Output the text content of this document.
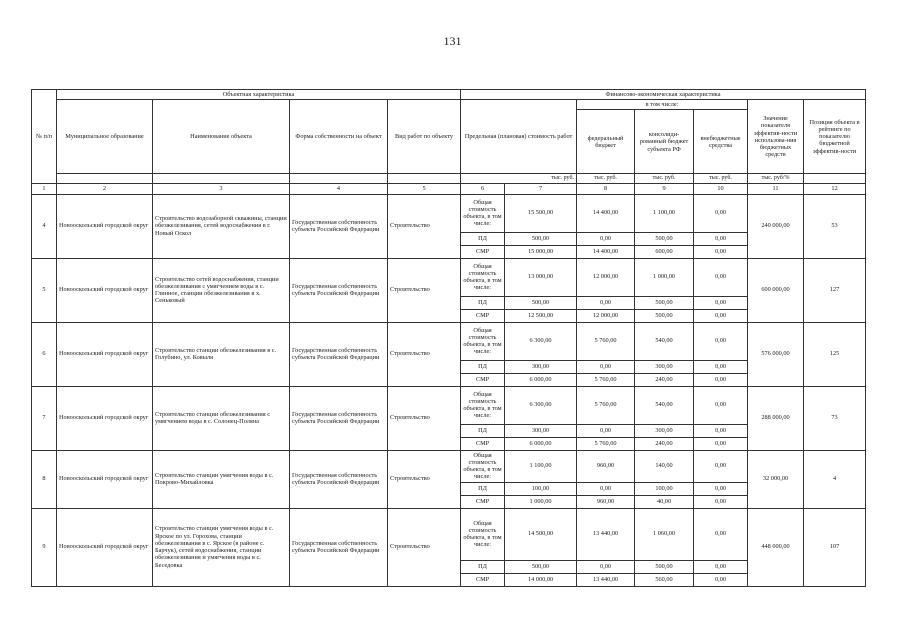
131
№ п/п	Объектная характеристика				Финансово-экономическая характеристика						
	Муниципальное образование	Наименование объекта	Форма собственности на объект	Вид работ по объекту	Предельная (плановая) стоимость работ		в том числе:			Значение показателя эффектив-ности использова-ния бюджетных средств	Позиция объекта в рейтинге по показателю бюджетной эффектив-ности
							федеральный бюджет	консолиди-рованный бюджет субъекта РФ	внебюджетные средства		
					тыс. руб.		тыс. руб.	тыс. руб.	тыс. руб.	тыс. руб/%	
1	2	3	4	5	6	7	8	9	10	11	12
4	Новооскольский городской округ	Строительство водозаборной скважины, станции обезжелезивания, сетей водоснабжения в г. Новый Оскол	Государственная собственность субъекта Российской Федерации	Строительство	Общая стоимость объекта, в том числе:	15 500,00	14 400,00	1 100,00	0,00	240 000,00	53
					ПД	500,00	0,00	500,00	0,00		
					СМР	15 000,00	14 400,00	600,00	0,00		
5	Новооскольский городской округ	Строительство сетей водоснабжения, станции обезжелезивания с умягчением воды в с. Глинное, станции обезжелезивания в х. Сеньковый	Государственная собственность субъекта Российской Федерации	Строительство	Общая стоимость объекта, в том числе:	13 000,00	12 000,00	1 000,00	0,00	600 000,00	127
					ПД	500,00	0,00	500,00	0,00		
					СМР	12 500,00	12 000,00	500,00	0,00		
6	Новооскольский городской округ	Строительство станции обезжелезивания в с. Голубино, ул. Ковыля	Государственная собственность субъекта Российской Федерации	Строительство	Общая стоимость объекта, в том числе:	6 300,00	5 760,00	540,00	0,00	576 000,00	125
					ПД	300,00	0,00	300,00	0,00		
					СМР	6 000,00	5 760,00	240,00	0,00		
7	Новооскольский городской округ	Строительство станции обезжелезивания с умягчением воды в с. Солонец-Поляна	Государственная собственность субъекта Российской Федерации	Строительство	Общая стоимость объекта, в том числе:	6 300,00	5 760,00	540,00	0,00	288 000,00	73
					ПД	300,00	0,00	300,00	0,00		
					СМР	6 000,00	5 760,00	240,00	0,00		
8	Новооскольский городской округ	Строительство станции умягчения воды в с. Покрово-Михайловка	Государственная собственность субъекта Российской Федерации	Строительство	Общая стоимость объекта, в том числе:	1 100,00	960,00	140,00	0,00	32 000,00	4
					ПД	100,00	0,00	100,00	0,00		
					СМР	1 000,00	960,00	40,00	0,00		
9	Новооскольский городской округ	Строительство станции умягчения воды в с. Ярское по ул. Горохова, станции обезжелезивания в с. Ярское (в районе с. Барчук), сетей водоснабжения, станции обезжелезивания и умягчения воды в с. Беседовка	Государственная собственность субъекта Российской Федерации	Строительство	Общая стоимость объекта, в том числе:	14 500,00	13 440,00	1 060,00	0,00	448 000,00	107
					ПД	500,00	0,00	500,00	0,00		
					СМР	14 000,00	13 440,00	560,00	0,00		
